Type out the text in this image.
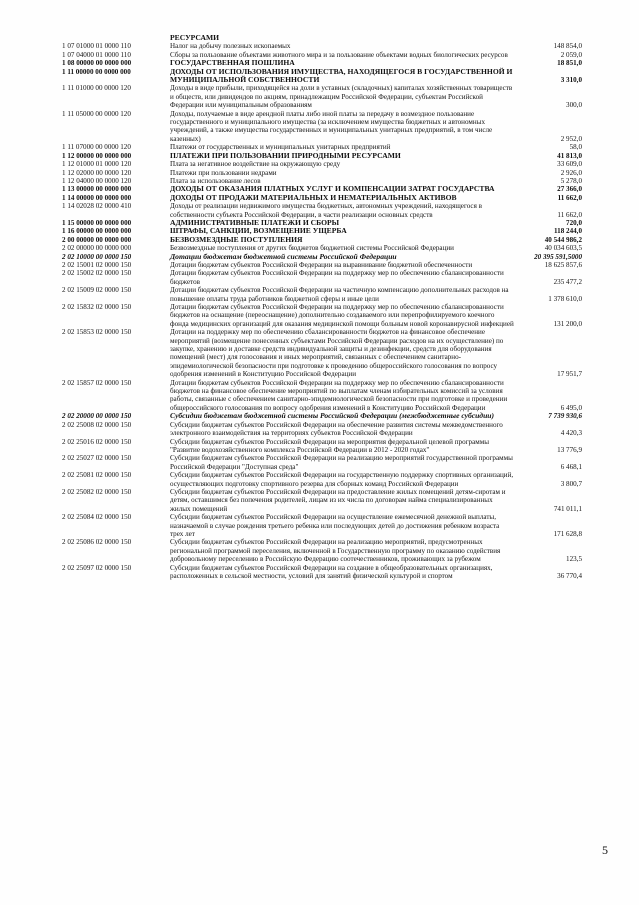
РЕСУРСАМИ
1 07 01000 01 0000 110	Налог на добычу полезных ископаемых	148 854,0
1 07 04000 01 0000 110	Сборы за пользование объектами животного мира и за пользование объектами водных биологических ресурсов	2 059,0
1 08 00000 00 0000 000	ГОСУДАРСТВЕННАЯ ПОШЛИНА	18 851,0
1 11 00000 00 0000 000	ДОХОДЫ ОТ ИСПОЛЬЗОВАНИЯ ИМУЩЕСТВА, НАХОДЯЩЕГОСЯ В ГОСУДАРСТВЕННОЙ И МУНИЦИПАЛЬНОЙ СОБСТВЕННОСТИ	3 310,0
1 11 01000 00 0000 120	Доходы в виде прибыли, приходящейся на доли в уставных (складочных) капиталах хозяйственных товариществ и обществ, или дивидендов по акциям, принадлежащим Российской Федерации, субъектам Российской Федерации или муниципальным образованиям	300,0
1 11 05000 00 0000 120	Доходы, получаемые в виде арендной платы либо иной платы за передачу в возмездное пользование государственного и муниципального имущества (за исключением имущества бюджетных и автономных учреждений, а также имущества государственных и муниципальных унитарных предприятий, в том числе казенных)	2 952,0
1 11 07000 00 0000 120	Платежи от государственных и муниципальных унитарных предприятий	58,0
1 12 00000 00 0000 000	ПЛАТЕЖИ ПРИ ПОЛЬЗОВАНИИ ПРИРОДНЫМИ РЕСУРСАМИ	41 813,0
1 12 01000 01 0000 120	Плата за негативное воздействие на окружающую среду	33 609,0
1 12 02000 00 0000 120	Платежи при пользовании недрами	2 926,0
1 12 04000 00 0000 120	Плата за использование лесов	5 278,0
1 13 00000 00 0000 000	ДОХОДЫ ОТ ОКАЗАНИЯ ПЛАТНЫХ УСЛУГ И КОМПЕНСАЦИИ ЗАТРАТ ГОСУДАРСТВА	27 366,0
1 14 00000 00 0000 000	ДОХОДЫ ОТ ПРОДАЖИ МАТЕРИАЛЬНЫХ И НЕМАТЕРИАЛЬНЫХ АКТИВОВ	11 662,0
1 14 02028 02 0000 410	Доходы от реализации недвижимого имущества бюджетных, автономных учреждений, находящегося в собственности субъекта Российской Федерации, в части реализации основных средств	11 662,0
1 15 00000 00 0000 000	АДМИНИСТРАТИВНЫЕ ПЛАТЕЖИ И СБОРЫ	720,0
1 16 00000 00 0000 000	ШТРАФЫ, САНКЦИИ, ВОЗМЕЩЕНИЕ УЩЕРБА	118 244,0
2 00 00000 00 0000 000	БЕЗВОЗМЕЗДНЫЕ ПОСТУПЛЕНИЯ	40 544 986,2
2 02 00000 00 0000 000	Безвозмездные поступления от других бюджетов бюджетной системы Российской Федерации	40 034 603,5
2 02 10000 00 0000 150	Дотации бюджетам бюджетной системы Российской Федерации	20 395 591,5000
2 02 15001 02 0000 150	Дотации бюджетам субъектов Российской Федерации на выравнивание бюджетной обеспеченности	18 625 857,6
2 02 15002 02 0000 150	Дотации бюджетам субъектов Российской Федерации на поддержку мер по обеспечению сбалансированности бюджетов	235 477,2
2 02 15009 02 0000 150	Дотации бюджетам субъектов Российской Федерации на частичную компенсацию дополнительных расходов на повышение оплаты труда работников бюджетной сферы и иные цели	1 378 610,0
2 02 15832 02 0000 150	Дотации бюджетам субъектов Российской Федерации на поддержку мер по обеспечению сбалансированности бюджетов на оснащение (переоснащение) дополнительно создаваемого или перепрофилируемого коечного фонда медицинских организаций для оказания медицинской помощи больным новой коронавирусной инфекцией	131 200,0
2 02 15853 02 0000 150	Дотации на поддержку мер по обеспечению сбалансированности бюджетов на финансовое обеспечение мероприятий (возмещение понесенных субъектами Российской Федерации расходов на их осуществление) по закупке, хранению и доставке средств индивидуальной защиты и дезинфекции, средств для оборудования помещений (мест) для голосования и иных мероприятий, связанных с обеспечением санитарно-эпидемиологической безопасности при подготовке к проведению общероссийского голосования по вопросу одобрения изменений в Конституцию Российской Федерации	17 951,7
2 02 15857 02 0000 150	Дотации бюджетам субъектов Российской Федерации на поддержку мер по обеспечению сбалансированности бюджетов на финансовое обеспечение мероприятий по выплатам членам избирательных комиссий за условия работы, связанные с обеспечением санитарно-эпидемиологической безопасности при подготовке и проведении общероссийского голосования по вопросу одобрения изменений в Конституцию Российской Федерации	6 495,0
2 02 20000 00 0000 150	Субсидии бюджетам бюджетной системы Российской Федерации (межбюджетные субсидии)	7 739 930,6
2 02 25008 02 0000 150	Субсидии бюджетам субъектов Российской Федерации на обеспечение развития системы межведомственного электронного взаимодействия на территориях субъектов Российской Федерации	4 420,3
2 02 25016 02 0000 150	Субсидии бюджетам субъектов Российской Федерации на мероприятия федеральной целевой программы "Развитие водохозяйственного комплекса Российской Федерации в 2012 - 2020 годах"	13 776,9
2 02 25027 02 0000 150	Субсидии бюджетам субъектов Российской Федерации на реализацию мероприятий государственной программы Российской Федерации "Доступная среда"	6 468,1
2 02 25081 02 0000 150	Субсидии бюджетам субъектов Российской Федерации на государственную поддержку спортивных организаций, осуществляющих подготовку спортивного резерва для сборных команд Российской Федерации	3 800,7
2 02 25082 02 0000 150	Субсидии бюджетам субъектов Российской Федерации на предоставление жилых помещений детям-сиротам и детям, оставшимся без попечения родителей, лицам из их числа по договорам найма специализированных жилых помещений	741 011,1
2 02 25084 02 0000 150	Субсидии бюджетам субъектов Российской Федерации на осуществление ежемесячной денежной выплаты, назначаемой в случае рождения третьего ребенка или последующих детей до достижения ребенком возраста трех лет	171 628,8
2 02 25086 02 0000 150	Субсидии бюджетам субъектов Российской Федерации на реализацию мероприятий, предусмотренных региональной программой переселения, включенной в Государственную программу по оказанию содействия добровольному переселению в Российскую Федерацию соотечественников, проживающих за рубежом	123,5
2 02 25097 02 0000 150	Субсидии бюджетам субъектов Российской Федерации на создание в общеобразовательных организациях, расположенных в сельской местности, условий для занятий физической культурой и спортом	36 770,4
5
